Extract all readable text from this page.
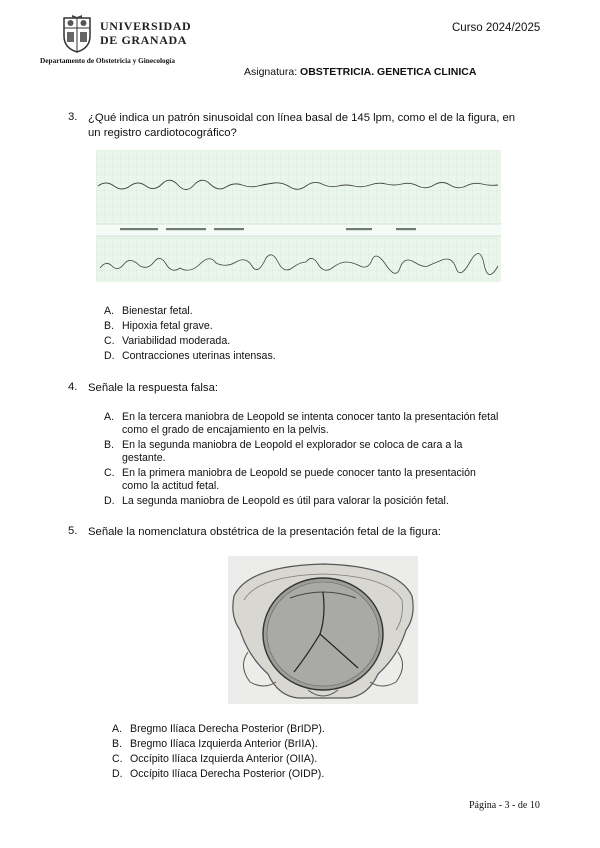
UNIVERSIDAD
DE GRANADA
Departamento de Obstetricia y Ginecología
Curso 2024/2025
Asignatura: OBSTETRICIA. GENETICA CLINICA
3. ¿Qué indica un patrón sinusoidal con línea basal de 145 lpm, como el de la figura, en
un registro cardiotocográfico?
A. Bienestar fetal.
B. Hipoxia fetal grave.
C. Variabilidad moderada.
D. Contracciones uterinas intensas.
4. Señale la respuesta falsa:
A. En la tercera maniobra de Leopold se intenta conocer tanto la presentación fetal
como el grado de encajamiento en la pelvis.
B. En la segunda maniobra de Leopold el explorador se coloca de cara a la
gestante.
C. En la primera maniobra de Leopold se puede conocer tanto la presentación
como la actitud fetal.
D. La segunda maniobra de Leopold es útil para valorar la posición fetal.
5. Señale la nomenclatura obstétrica de la presentación fetal de la figura:
A. Bregmo Ilíaca Derecha Posterior (BrIDP).
B. Bregmo Ilíaca Izquierda Anterior (BrIIA).
C. Occípito Ilíaca Izquierda Anterior (OIIA).
D. Occípito Ilíaca Derecha Posterior (OIDP).
Página - 3 - de 10
